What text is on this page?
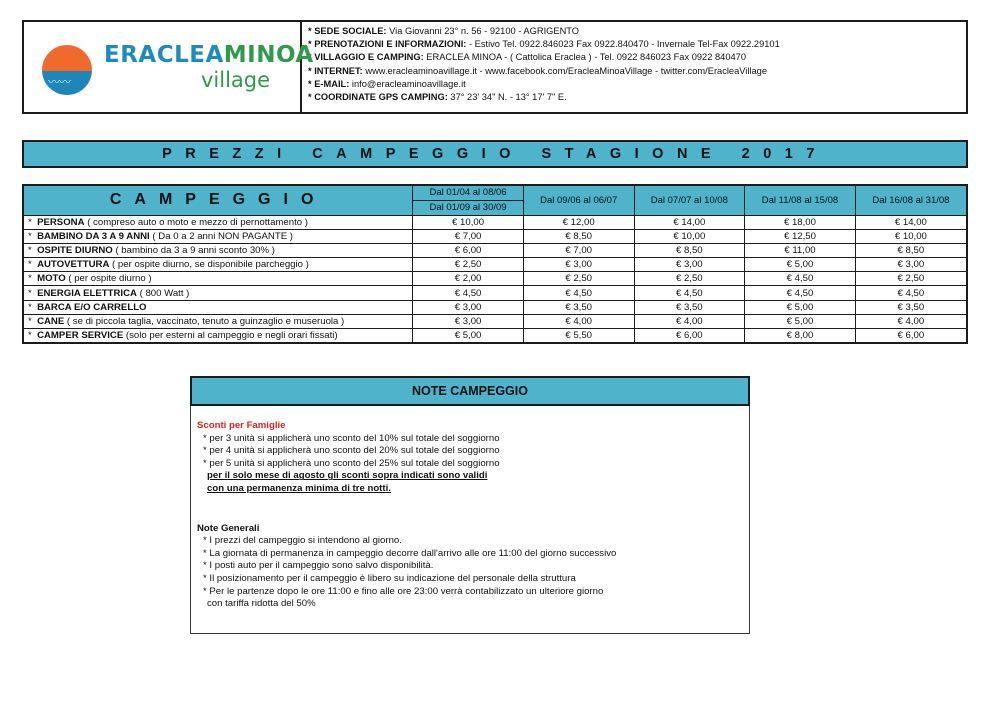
〰〰
ERACLEAMINOA
village
* SEDE SOCIALE: Via Giovanni 23° n. 56 - 92100 - AGRIGENTO
* PRENOTAZIONI E INFORMAZIONI: - Estivo Tel. 0922.846023 Fax 0922.840470 - Invernale Tel-Fax 0922.29101
* VILLAGGIO E CAMPING: ERACLEA MINOA - ( Cattolica Eraclea ) - Tel. 0922 846023 Fax 0922 840470
* INTERNET: www.eracleaminoavillage.it - www.facebook.com/EracleaMinoaVillage - twitter.com/EracleaVillage
* E-MAIL: info@eracleaminoavillage.it
* COORDINATE GPS CAMPING: 37° 23' 34" N. - 13° 17' 7" E.
PREZZI CAMPEGGIO STAGIONE 2017
CAMPEGGIO	Dal 01/04 al 08/06	Dal 09/06 al 06/07	Dal 07/07 al 10/08	Dal 11/08 al 15/08	Dal 16/08 al 31/08
	Dal 01/09 al 30/09				
*  PERSONA ( compreso auto o moto e mezzo di pernottamento )	€ 10,00	€ 12,00	€ 14,00	€ 18,00	€ 14,00
*  BAMBINO DA 3 A 9 ANNI ( Da 0 a 2 anni NON PAGANTE )	€ 7,00	€ 8,50	€ 10,00	€ 12,50	€ 10,00
*  OSPITE DIURNO ( bambino da 3 a 9 anni sconto 30% )	€ 6,00	€ 7,00	€ 8,50	€ 11,00	€ 8,50
*  AUTOVETTURA ( per ospite diurno, se disponibile parcheggio )	€ 2,50	€ 3,00	€ 3,00	€ 5,00	€ 3,00
*  MOTO ( per ospite diurno )	€ 2,00	€ 2,50	€ 2,50	€ 4,50	€ 2,50
*  ENERGIA ELETTRICA ( 800 Watt )	€ 4,50	€ 4,50	€ 4,50	€ 4,50	€ 4,50
*  BARCA E/O CARRELLO	€ 3,00	€ 3,50	€ 3,50	€ 5,00	€ 3,50
*  CANE ( se di piccola taglia, vaccinato, tenuto a guinzaglio e museruola )	€ 3,00	€ 4,00	€ 4,00	€ 5,00	€ 4,00
*  CAMPER SERVICE (solo per esterni al campeggio e negli orari fissati)	€ 5,00	€ 5,50	€ 6,00	€ 8,00	€ 6,00
NOTE CAMPEGGIO
Sconti per Famiglie
* per 3 unità si applicherà uno sconto del 10% sul totale del soggiorno
* per 4 unità si applicherà uno sconto del 20% sul totale del soggiorno
* per 5 unità si applicherà uno sconto del 25% sul totale del soggiorno
per il solo mese di agosto gli sconti sopra indicati sono validi
con una permanenza minima di tre notti.
Note Generali
* I prezzi del campeggio si intendono al giorno.
* La giornata di permanenza in campeggio decorre dall'arrivo alle ore 11:00 del giorno successivo
* I posti auto per il campeggio sono salvo disponibilità.
* Il posizionamento per il campeggio è libero su indicazione del personale della struttura
* Per le partenze dopo le ore 11:00 e fino alle ore 23:00 verrà contabilizzato un ulteriore giorno
con tariffa ridotta del 50%
